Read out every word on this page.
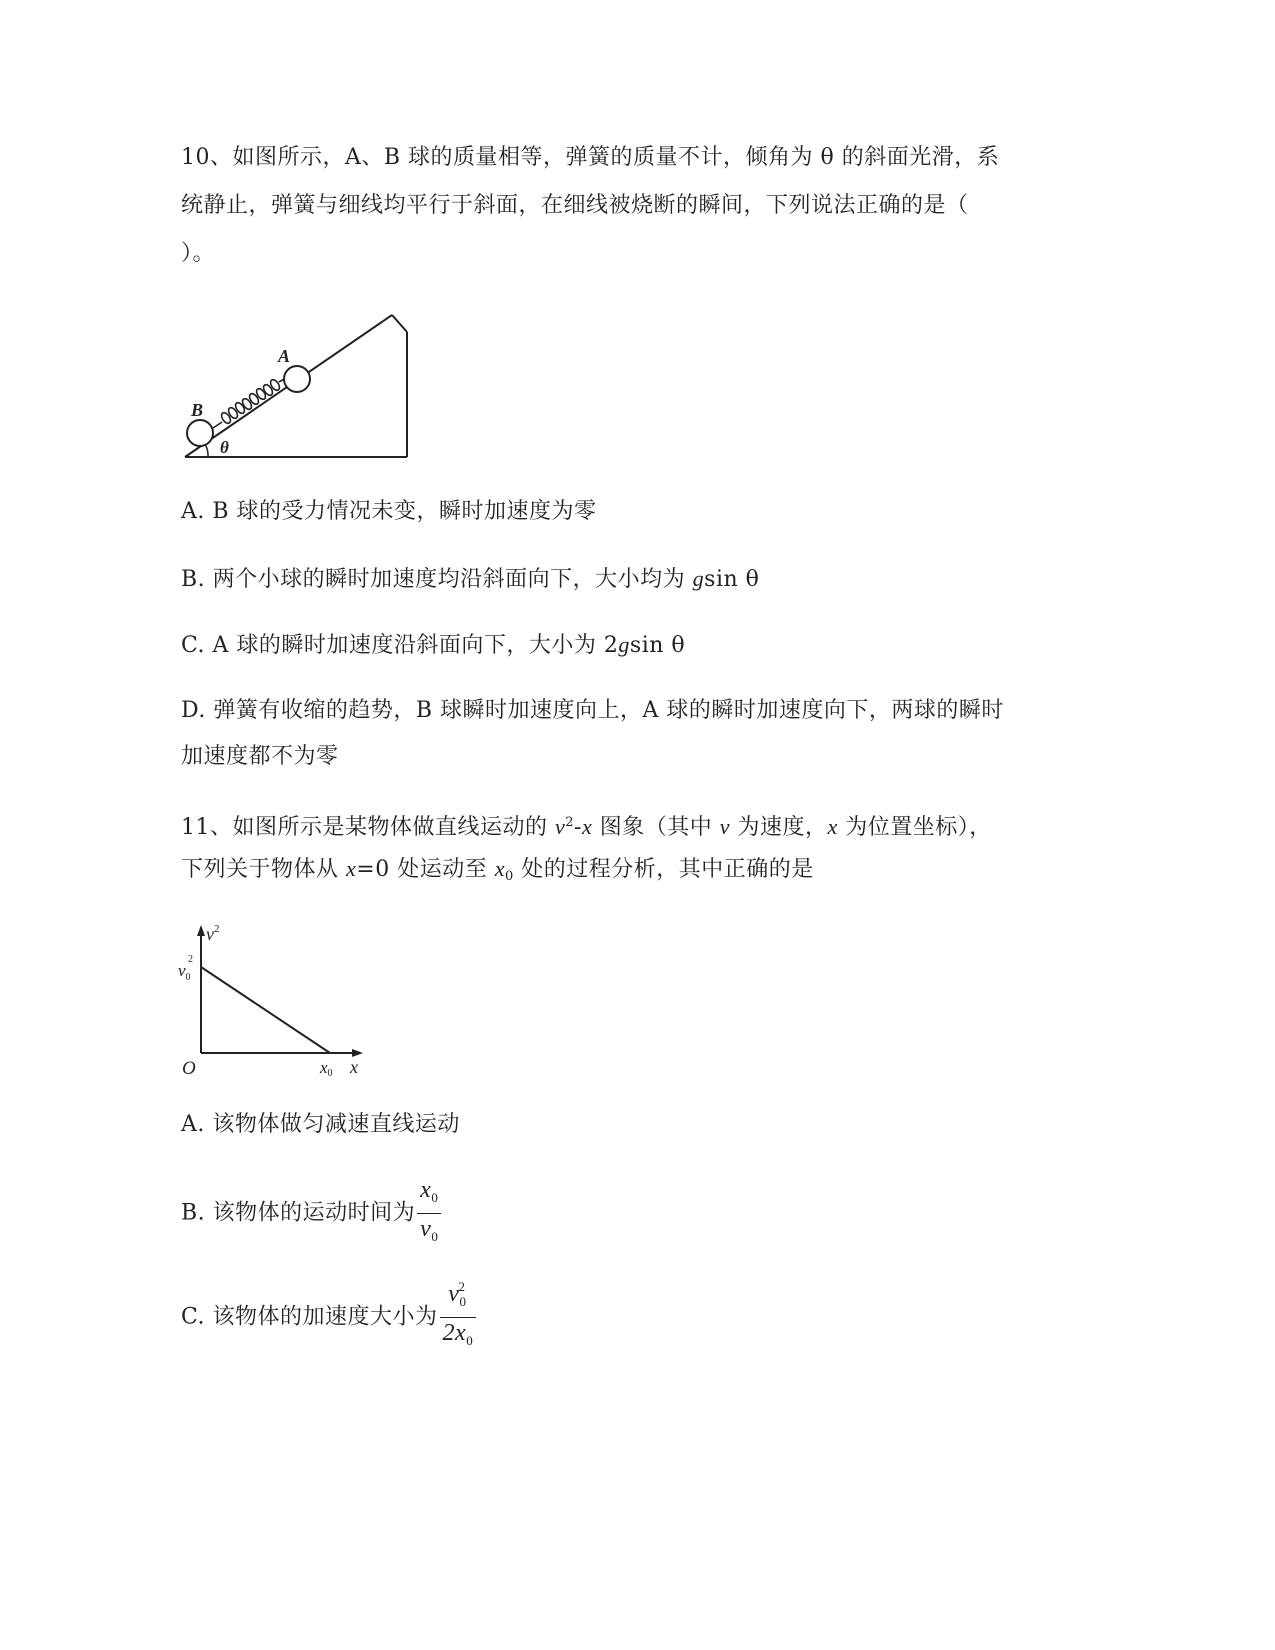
10、如图所示，A、B 球的质量相等，弹簧的质量不计，倾角为 θ 的斜面光滑，系
统静止，弹簧与细线均平行于斜面，在细线被烧断的瞬间，下列说法正确的是（
）。
A
B
θ
A. B 球的受力情况未变，瞬时加速度为零
B. 两个小球的瞬时加速度均沿斜面向下，大小均为 gsin θ
C. A 球的瞬时加速度沿斜面向下，大小为 2gsin θ
D. 弹簧有收缩的趋势，B 球瞬时加速度向上，A 球的瞬时加速度向下，两球的瞬时
加速度都不为零
11、如图所示是某物体做直线运动的 $v^2-x$ 图象（其中 v 为速度，x 为位置坐标），
下列关于物体从 x=0 处运动至 $x_0$ 处的过程分析，其中正确的是
$v^2$
$v_0$
2
O	x0 x
A. 该物体做匀减速直线运动
B. 该物体的运动时间为 $\frac{x_0}{v_0}$
C. 该物体的加速度大小为 $\frac{v_0^2}{2x_0}$
